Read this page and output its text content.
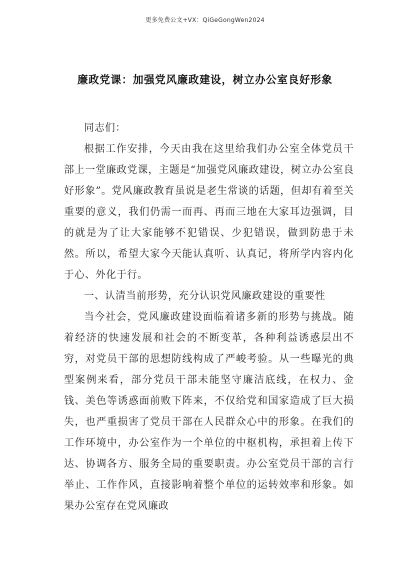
更多免费公文+VX：QiGeGongWen2024
廉政党课：加强党风廉政建设，树立办公室良好形象
同志们：

根据工作安排，今天由我在这里给我们办公室全体党员干部上一堂廉政党课，主题是“加强党风廉政建设，树立办公室良好形象”。党风廉政教育虽说是老生常谈的话题，但却有着至关重要的意义，我们仍需一而再、再而三地在大家耳边强调，目的就是为了让大家能够不犯错误、少犯错误，做到防患于未然。所以，希望大家今天能认真听、认真记，将所学内容内化于心、外化于行。

一、认清当前形势，充分认识党风廉政建设的重要性

当今社会，党风廉政建设面临着诸多新的形势与挑战。随着经济的快速发展和社会的不断变革，各种利益诱惑层出不穷，对党员干部的思想防线构成了严峻考验。从一些曝光的典型案例来看，部分党员干部未能坚守廉洁底线，在权力、金钱、美色等诱惑面前败下阵来，不仅给党和国家造成了巨大损失，也严重损害了党员干部在人民群众心中的形象。在我们的工作环境中，办公室作为一个单位的中枢机构，承担着上传下达、协调各方、服务全局的重要职责。办公室党员干部的言行举止、工作作风，直接影响着整个单位的运转效率和形象。如果办公室存在党风廉政
